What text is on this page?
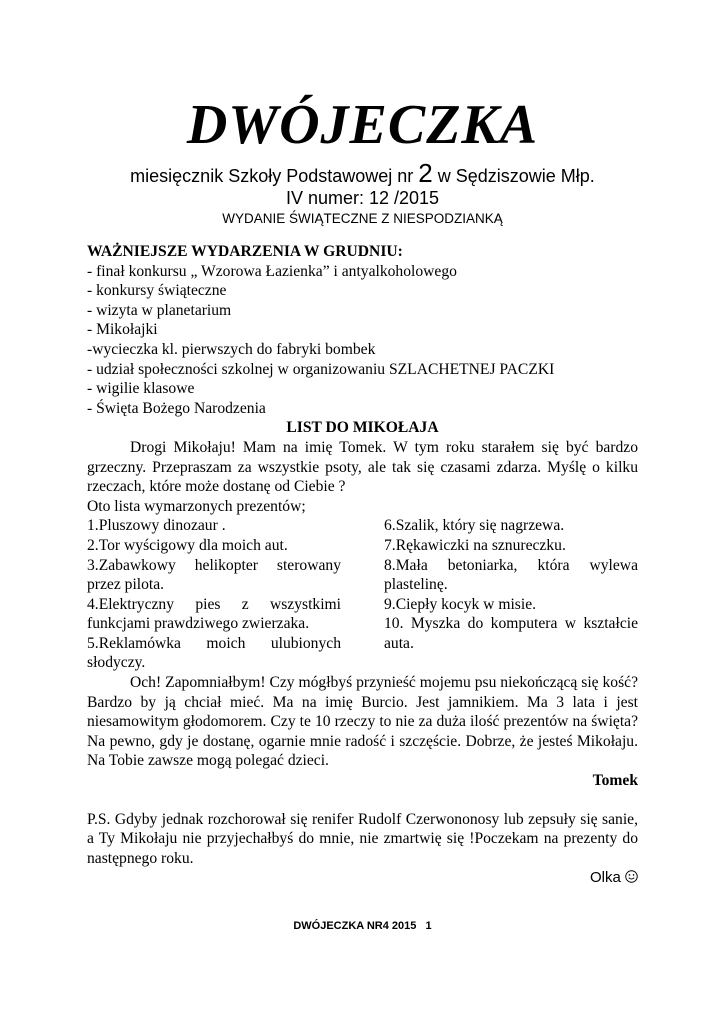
DWÓJECZKA
miesięcznik Szkoły Podstawowej nr 2 w Sędziszowie Młp.
IV numer: 12 /2015
WYDANIE ŚWIĄTECZNE Z NIESPODZIANKĄ
WAŻNIEJSZE WYDARZENIA W GRUDNIU:
- finał konkursu „ Wzorowa Łazienka” i antyalkoholowego
- konkursy świąteczne
- wizyta w planetarium
- Mikołajki
-wycieczka kl. pierwszych do fabryki bombek
- udział społeczności szkolnej w organizowaniu SZLACHETNEJ PACZKI
- wigilie klasowe
- Święta Bożego Narodzenia
LIST DO MIKOŁAJA

Drogi Mikołaju! Mam na imię Tomek. W tym roku starałem się być bardzo grzeczny. Przepraszam za wszystkie psoty, ale tak się czasami zdarza. Myślę o kilku rzeczach, które może dostanę od Ciebie ?

Oto lista wymarzonych prezentów;

1.Pluszowy dinozaur .
2.Tor wyścigowy dla moich aut.
3.Zabawkowy helikopter sterowany przez pilota.
4.Elektryczny pies z wszystkimi funkcjami prawdziwego zwierzaka.
5.Reklamówka moich ulubionych słodyczy.
6.Szalik, który się nagrzewa.
7.Rękawiczki na sznureczku.
8.Mała betoniarka, która wylewa plastelinę.
9.Ciepły kocyk w misie.
10. Myszka do komputera w kształcie auta.

Och! Zapomniałbym! Czy mógłbyś przynieść mojemu psu niekończącą się kość? Bardzo by ją chciał mieć. Ma na imię Burcio. Jest jamnikiem. Ma 3 lata i jest niesamowitym głodomorem. Czy te 10 rzeczy to nie za duża ilość prezentów na święta? Na pewno, gdy je dostanę, ogarnie mnie radość i szczęście. Dobrze, że jesteś Mikołaju. Na Tobie zawsze mogą polegać dzieci.

Tomek

P.S. Gdyby jednak rozchorował się renifer Rudolf Czerwononosy lub zepsuły się sanie, a Ty Mikołaju nie przyjechałbyś do mnie, nie zmartwię się !Poczekam na prezenty do następnego roku.

Olka
DWÓJECZKA NR4 2015   1
